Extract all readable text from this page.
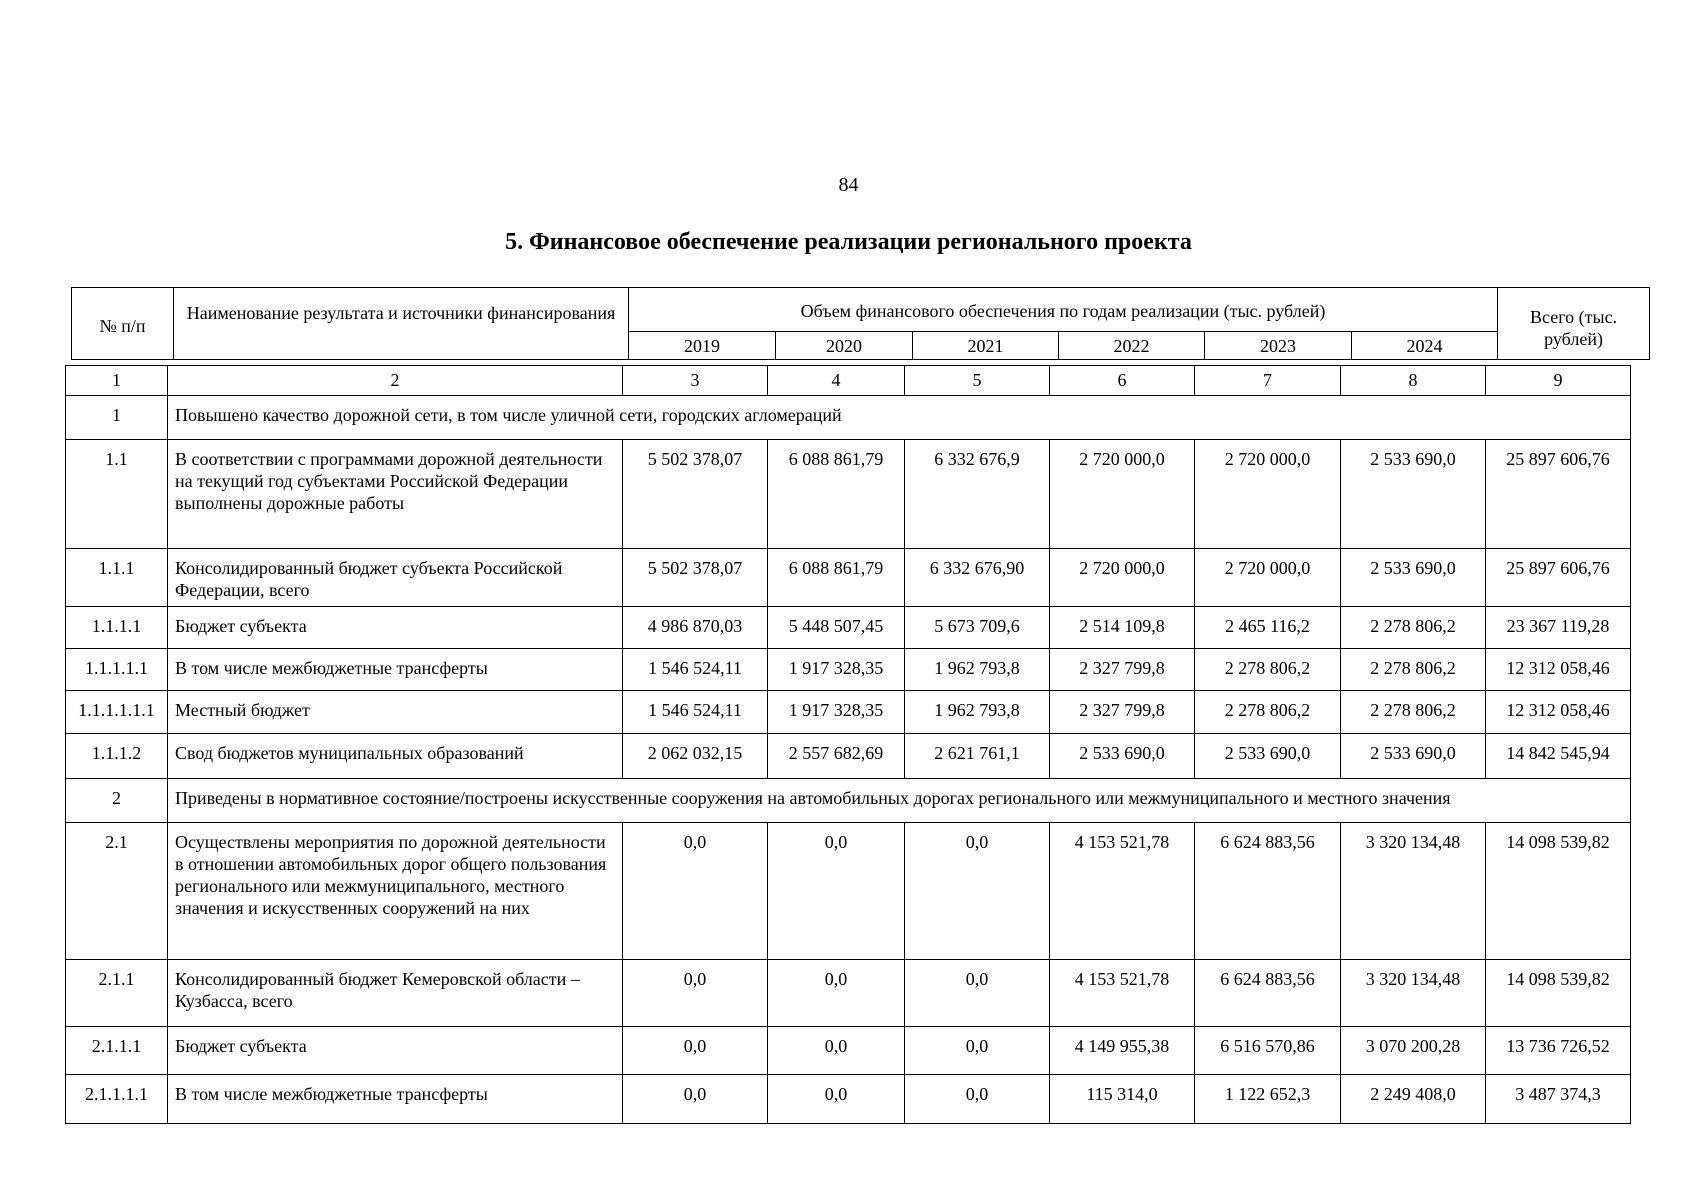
84
5. Финансовое обеспечение реализации регионального проекта
№ п/п	Наименование результата и источники финансирования	Объем финансового обеспечения по годам реализации (тыс. рублей)						Всего (тыс. рублей)
		2019	2020	2021	2022	2023	2024	
1	2	3	4	5	6	7	8	9
1	Повышено качество дорожной сети, в том числе уличной сети, городских агломераций							
1.1	В соответствии с программами дорожной деятельности на текущий год субъектами Российской Федерации выполнены дорожные работы	5 502 378,07	6 088 861,79	6 332 676,9	2 720 000,0	2 720 000,0	2 533 690,0	25 897 606,76
1.1.1	Консолидированный бюджет субъекта Российской Федерации, всего	5 502 378,07	6 088 861,79	6 332 676,90	2 720 000,0	2 720 000,0	2 533 690,0	25 897 606,76
1.1.1.1	Бюджет субъекта	4 986 870,03	5 448 507,45	5 673 709,6	2 514 109,8	2 465 116,2	2 278 806,2	23 367 119,28
1.1.1.1.1	В том числе межбюджетные трансферты	1 546 524,11	1 917 328,35	1 962 793,8	2 327 799,8	2 278 806,2	2 278 806,2	12 312 058,46
1.1.1.1.1.1	Местный бюджет	1 546 524,11	1 917 328,35	1 962 793,8	2 327 799,8	2 278 806,2	2 278 806,2	12 312 058,46
1.1.1.2	Свод бюджетов муниципальных образований	2 062 032,15	2 557 682,69	2 621 761,1	2 533 690,0	2 533 690,0	2 533 690,0	14 842 545,94
2	Приведены в нормативное состояние/построены искусственные сооружения на автомобильных дорогах регионального или межмуниципального и местного значения							
2.1	Осуществлены мероприятия по дорожной деятельности в отношении автомобильных дорог общего пользования регионального или межмуниципального, местного значения и искусственных сооружений на них	0,0	0,0	0,0	4 153 521,78	6 624 883,56	3 320 134,48	14 098 539,82
2.1.1	Консолидированный бюджет Кемеровской области – Кузбасса, всего	0,0	0,0	0,0	4 153 521,78	6 624 883,56	3 320 134,48	14 098 539,82
2.1.1.1	Бюджет субъекта	0,0	0,0	0,0	4 149 955,38	6 516 570,86	3 070 200,28	13 736 726,52
2.1.1.1.1	В том числе межбюджетные трансферты	0,0	0,0	0,0	115 314,0	1 122 652,3	2 249 408,0	3 487 374,3
